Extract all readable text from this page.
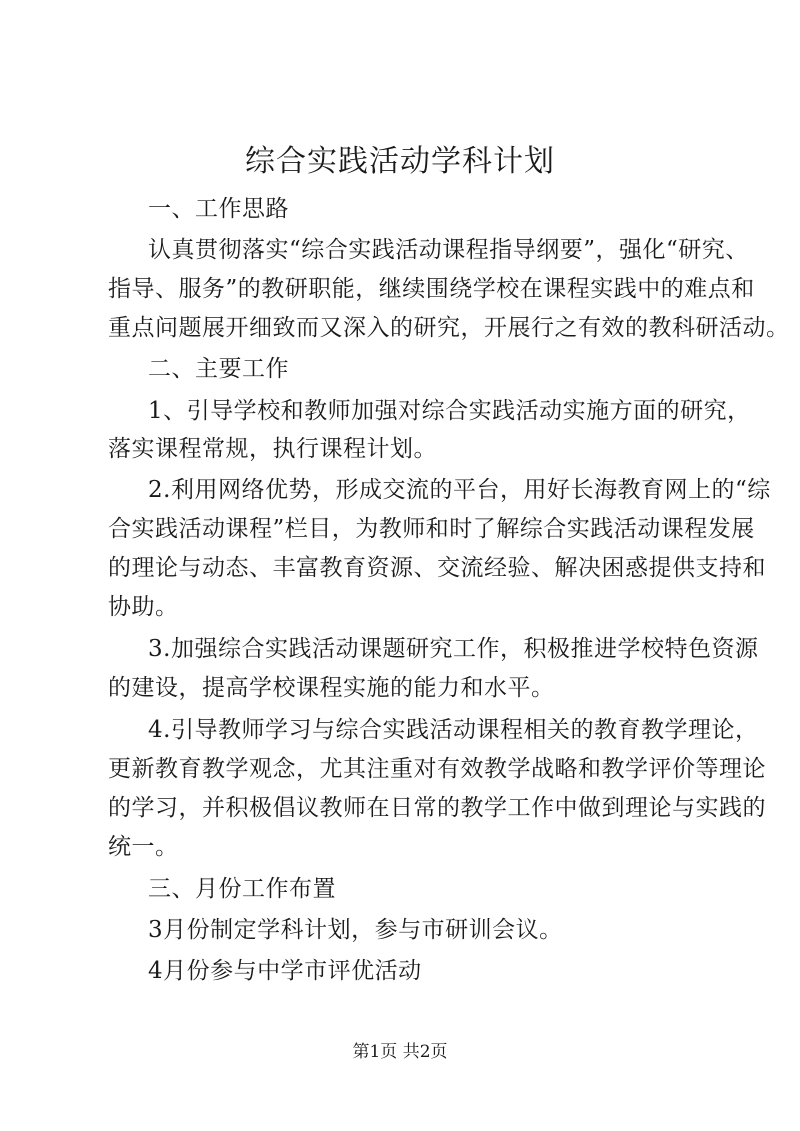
综合实践活动学科计划
一、工作思路
认真贯彻落实“综合实践活动课程指导纲要”，强化“研究、
指导、服务”的教研职能，继续围绕学校在课程实践中的难点和
重点问题展开细致而又深入的研究，开展行之有效的教科研活动。
二、主要工作
1、引导学校和教师加强对综合实践活动实施方面的研究，
落实课程常规，执行课程计划。
2.利用网络优势，形成交流的平台，用好长海教育网上的“综
合实践活动课程”栏目，为教师和时了解综合实践活动课程发展
的理论与动态、丰富教育资源、交流经验、解决困惑提供支持和
协助。
3.加强综合实践活动课题研究工作，积极推进学校特色资源
的建设，提高学校课程实施的能力和水平。
4.引导教师学习与综合实践活动课程相关的教育教学理论，
更新教育教学观念，尤其注重对有效教学战略和教学评价等理论
的学习，并积极倡议教师在日常的教学工作中做到理论与实践的
统一。
三、月份工作布置
3月份制定学科计划，参与市研训会议。
4月份参与中学市评优活动
第1页 共2页
